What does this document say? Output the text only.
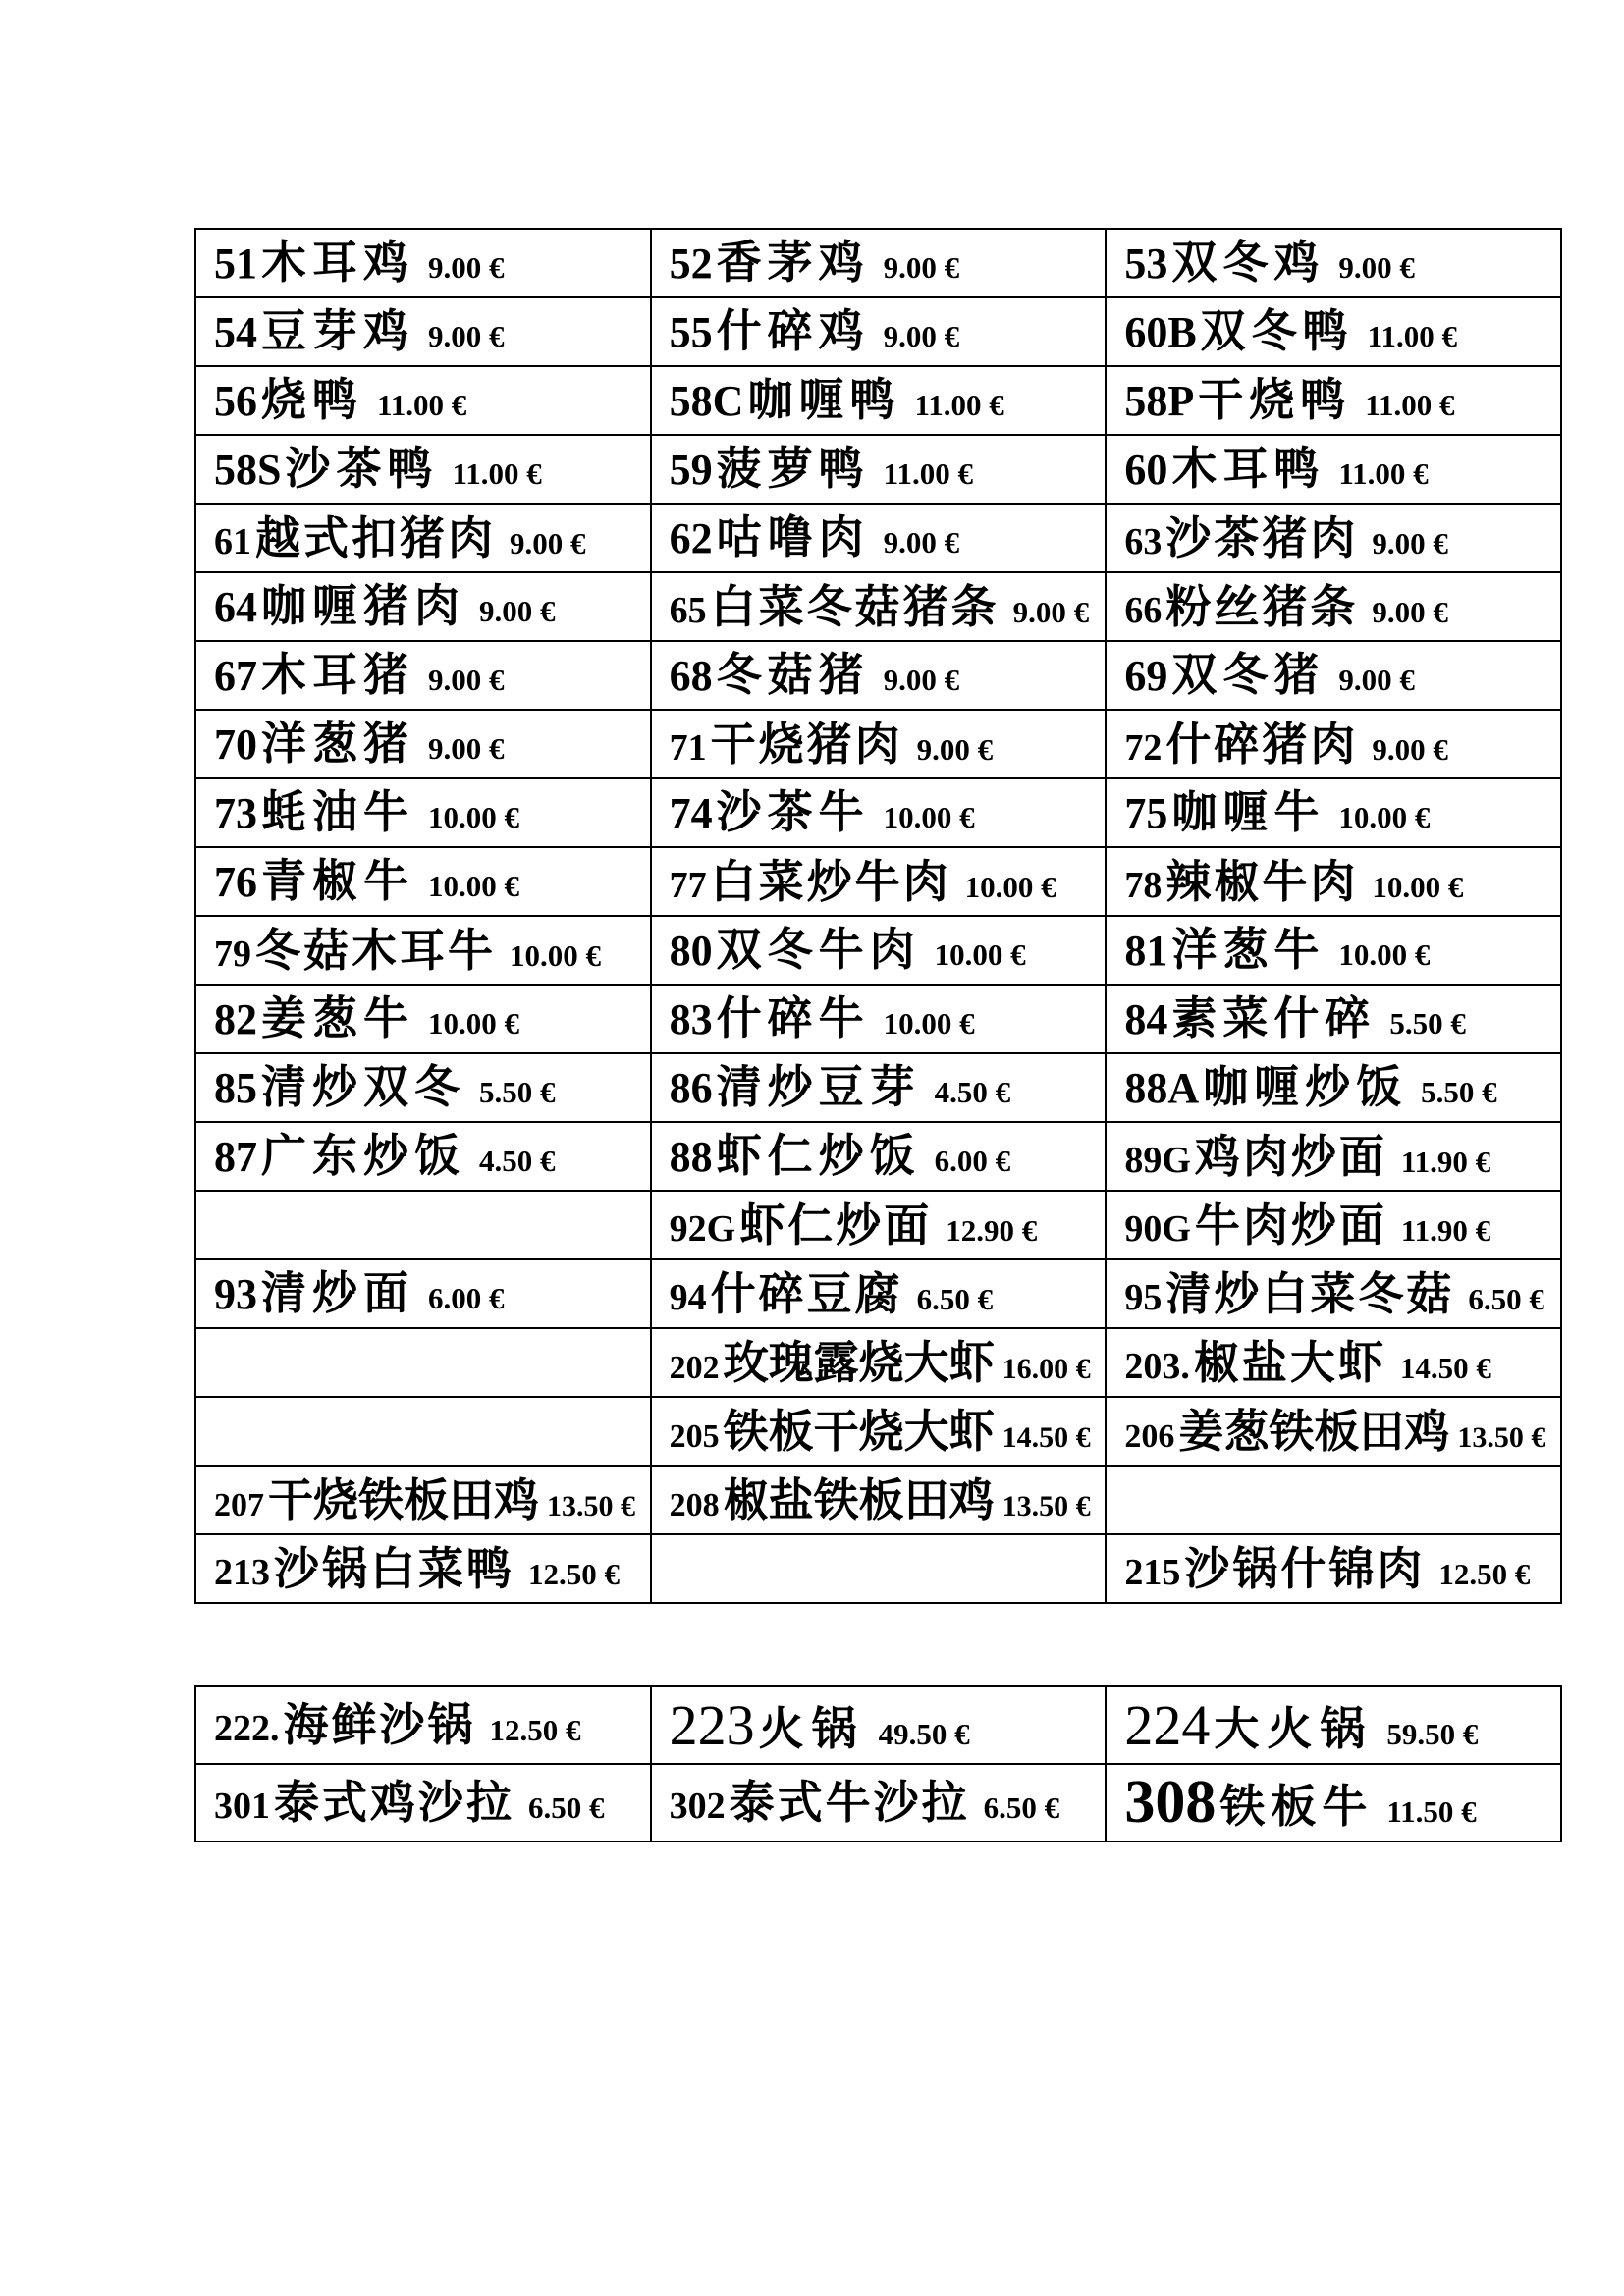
51木耳鸡 9.00 €	52香茅鸡 9.00 €	53双冬鸡 9.00 €
54豆芽鸡 9.00 €	55什碎鸡 9.00 €	60B双冬鸭 11.00 €
56烧鸭 11.00 €	58C咖喱鸭 11.00 €	58P干烧鸭 11.00 €
58S沙茶鸭 11.00 €	59菠萝鸭 11.00 €	60木耳鸭 11.00 €
61越式扣猪肉 9.00 €	62咕噜肉 9.00 €	63沙茶猪肉 9.00 €
64咖喱猪肉 9.00 €	65白菜冬菇猪条 9.00 €	66粉丝猪条 9.00 €
67木耳猪 9.00 €	68冬菇猪 9.00 €	69双冬猪 9.00 €
70洋葱猪 9.00 €	71干烧猪肉 9.00 €	72什碎猪肉 9.00 €
73蚝油牛 10.00 €	74沙茶牛 10.00 €	75咖喱牛 10.00 €
76青椒牛 10.00 €	77白菜炒牛肉 10.00 €	78辣椒牛肉 10.00 €
79冬菇木耳牛 10.00 €	80双冬牛肉 10.00 €	81洋葱牛 10.00 €
82姜葱牛 10.00 €	83什碎牛 10.00 €	84素菜什碎 5.50 €
85清炒双冬 5.50 €	86清炒豆芽 4.50 €	88A咖喱炒饭 5.50 €
87广东炒饭 4.50 €	88虾仁炒饭 6.00 €	89G鸡肉炒面 11.90 €
	92G虾仁炒面 12.90 €	90G牛肉炒面 11.90 €
93清炒面 6.00 €	94什碎豆腐 6.50 €	95清炒白菜冬菇 6.50 €
	202玫瑰露烧大虾 16.00 €	203.椒盐大虾 14.50 €
	205铁板干烧大虾 14.50 €	206姜葱铁板田鸡 13.50 €
207干烧铁板田鸡 13.50 €	208椒盐铁板田鸡 13.50 €	
213沙锅白菜鸭 12.50 €		215沙锅什锦肉 12.50 €
222.海鲜沙锅 12.50 €	223火锅 49.50 €	224大火锅 59.50 €
301泰式鸡沙拉 6.50 €	302泰式牛沙拉 6.50 €	308铁板牛 11.50 €
